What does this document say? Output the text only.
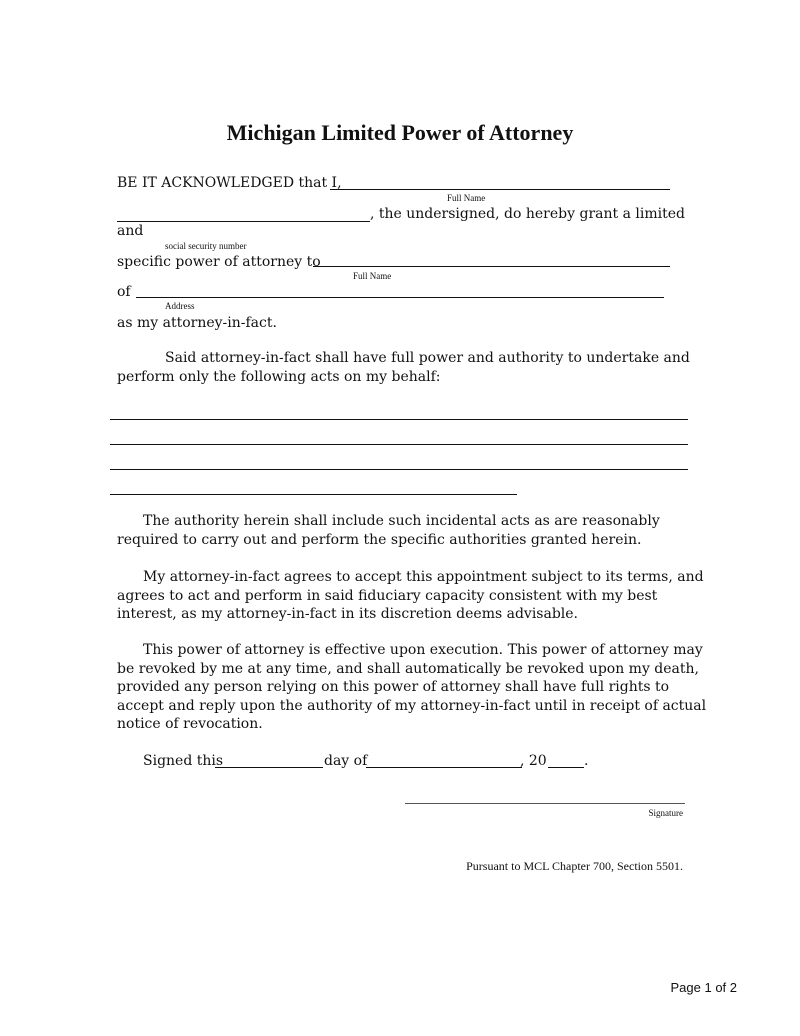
Michigan Limited Power of Attorney
BE IT ACKNOWLEDGED that I,
Full Name
, the undersigned, do hereby grant a limited
and
social security number
specific power of attorney to
Full Name
of
Address
as my attorney-in-fact.
Said attorney-in-fact shall have full power and authority to undertake and
perform only the following acts on my behalf:
The authority herein shall include such incidental acts as are reasonably
required to carry out and perform the specific authorities granted herein.
My attorney-in-fact agrees to accept this appointment subject to its terms, and
agrees to act and perform in said fiduciary capacity consistent with my best
interest, as my attorney-in-fact in its discretion deems advisable.
This power of attorney is effective upon execution. This power of attorney may
be revoked by me at any time, and shall automatically be revoked upon my death,
provided any person relying on this power of attorney shall have full rights to
accept and reply upon the authority of my attorney-in-fact until in receipt of actual
notice of revocation.
Signed this	day of	, 20	.
Signature
Pursuant to MCL Chapter 700, Section 5501.
Page 1 of 2
